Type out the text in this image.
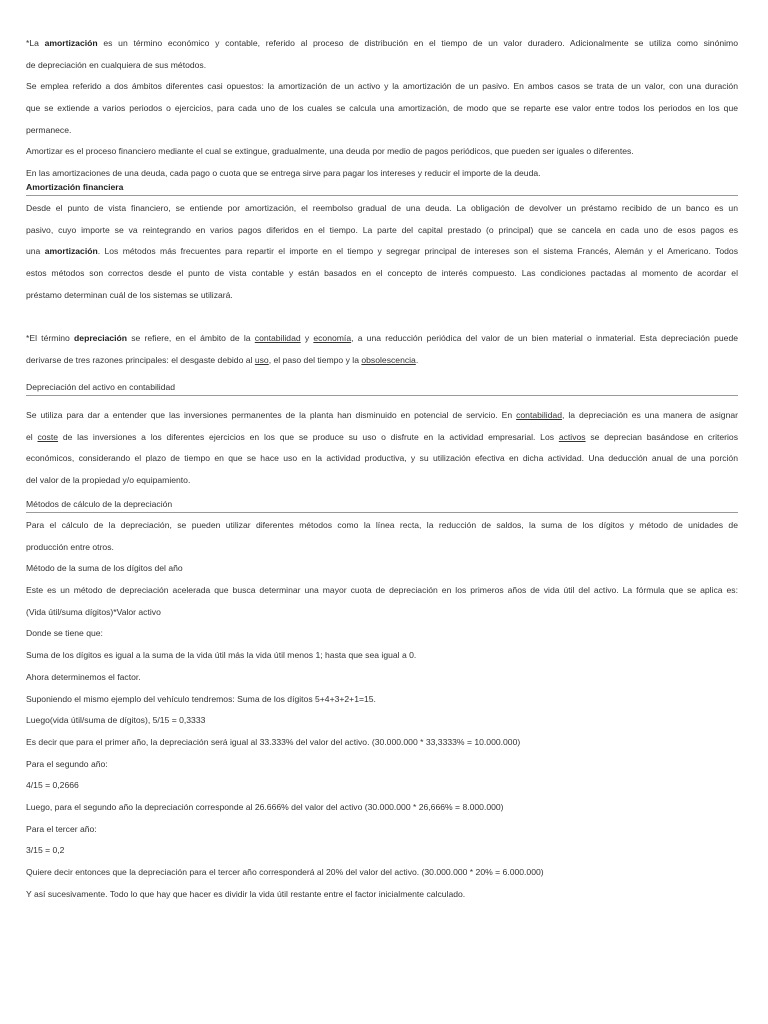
*La amortización es un término económico y contable, referido al proceso de distribución en el tiempo de un valor duradero. Adicionalmente se utiliza como sinónimo
de depreciación en cualquiera de sus métodos.
Se emplea referido a dos ámbitos diferentes casi opuestos: la amortización de un activo y la amortización de un pasivo. En ambos casos se trata de un valor, con una duración
que se extiende a varios periodos o ejercicios, para cada uno de los cuales se calcula una amortización, de modo que se reparte ese valor entre todos los periodos en los que
permanece.
Amortizar es el proceso financiero mediante el cual se extingue, gradualmente, una deuda por medio de pagos periódicos, que pueden ser iguales o diferentes.
En las amortizaciones de una deuda, cada pago o cuota que se entrega sirve para pagar los intereses y reducir el importe de la deuda.
Amortización financiera
Desde el punto de vista financiero, se entiende por amortización, el reembolso gradual de una deuda. La obligación de devolver un préstamo recibido de un banco es un
pasivo, cuyo importe se va reintegrando en varios pagos diferidos en el tiempo. La parte del capital prestado (o principal) que se cancela en cada uno de esos pagos es
una amortización. Los métodos más frecuentes para repartir el importe en el tiempo y segregar principal de intereses son el sistema Francés, Alemán y el Americano. Todos
estos métodos son correctos desde el punto de vista contable y están basados en el concepto de interés compuesto. Las condiciones pactadas al momento de acordar el
préstamo determinan cuál de los sistemas se utilizará.
*El término depreciación se refiere, en el ámbito de la contabilidad y economía, a una reducción periódica del valor de un bien material o inmaterial. Esta depreciación puede
derivarse de tres razones principales: el desgaste debido al uso, el paso del tiempo y la obsolescencia.
Depreciación del activo en contabilidad
Se utiliza para dar a entender que las inversiones permanentes de la planta han disminuido en potencial de servicio. En contabilidad, la depreciación es una manera de asignar
el coste de las inversiones a los diferentes ejercicios en los que se produce su uso o disfrute en la actividad empresarial. Los activos se deprecian basándose en criterios
económicos, considerando el plazo de tiempo en que se hace uso en la actividad productiva, y su utilización efectiva en dicha actividad. Una deducción anual de una porción
del valor de la propiedad y/o equipamiento.
Métodos de cálculo de la depreciación
Para el cálculo de la depreciación, se pueden utilizar diferentes métodos como la línea recta, la reducción de saldos, la suma de los dígitos y método de unidades de
producción entre otros.
Método de la suma de los dígitos del año
Este es un método de depreciación acelerada que busca determinar una mayor cuota de depreciación en los primeros años de vida útil del activo. La fórmula que se aplica es:
(Vida útil/suma dígitos)*Valor activo
Donde se tiene que:
Suma de los dígitos es igual a la suma de la vida útil más la vida útil menos 1; hasta que sea igual a 0.
Ahora determinemos el factor.
Suponiendo el mismo ejemplo del vehículo tendremos: Suma de los dígitos 5+4+3+2+1=15.
Luego(vida útil/suma de dígitos), 5/15 = 0,3333
Es decir que para el primer año, la depreciación será igual al 33.333% del valor del activo. (30.000.000 * 33,3333% = 10.000.000)
Para el segundo año:
4/15 = 0,2666
Luego, para el segundo año la depreciación corresponde al 26.666% del valor del activo (30.000.000 * 26,666% = 8.000.000)
Para el tercer año:
3/15 = 0,2
Quiere decir entonces que la depreciación para el tercer año corresponderá al 20% del valor del activo. (30.000.000 * 20% = 6.000.000)
Y así sucesivamente. Todo lo que hay que hacer es dividir la vida útil restante entre el factor inicialmente calculado.
